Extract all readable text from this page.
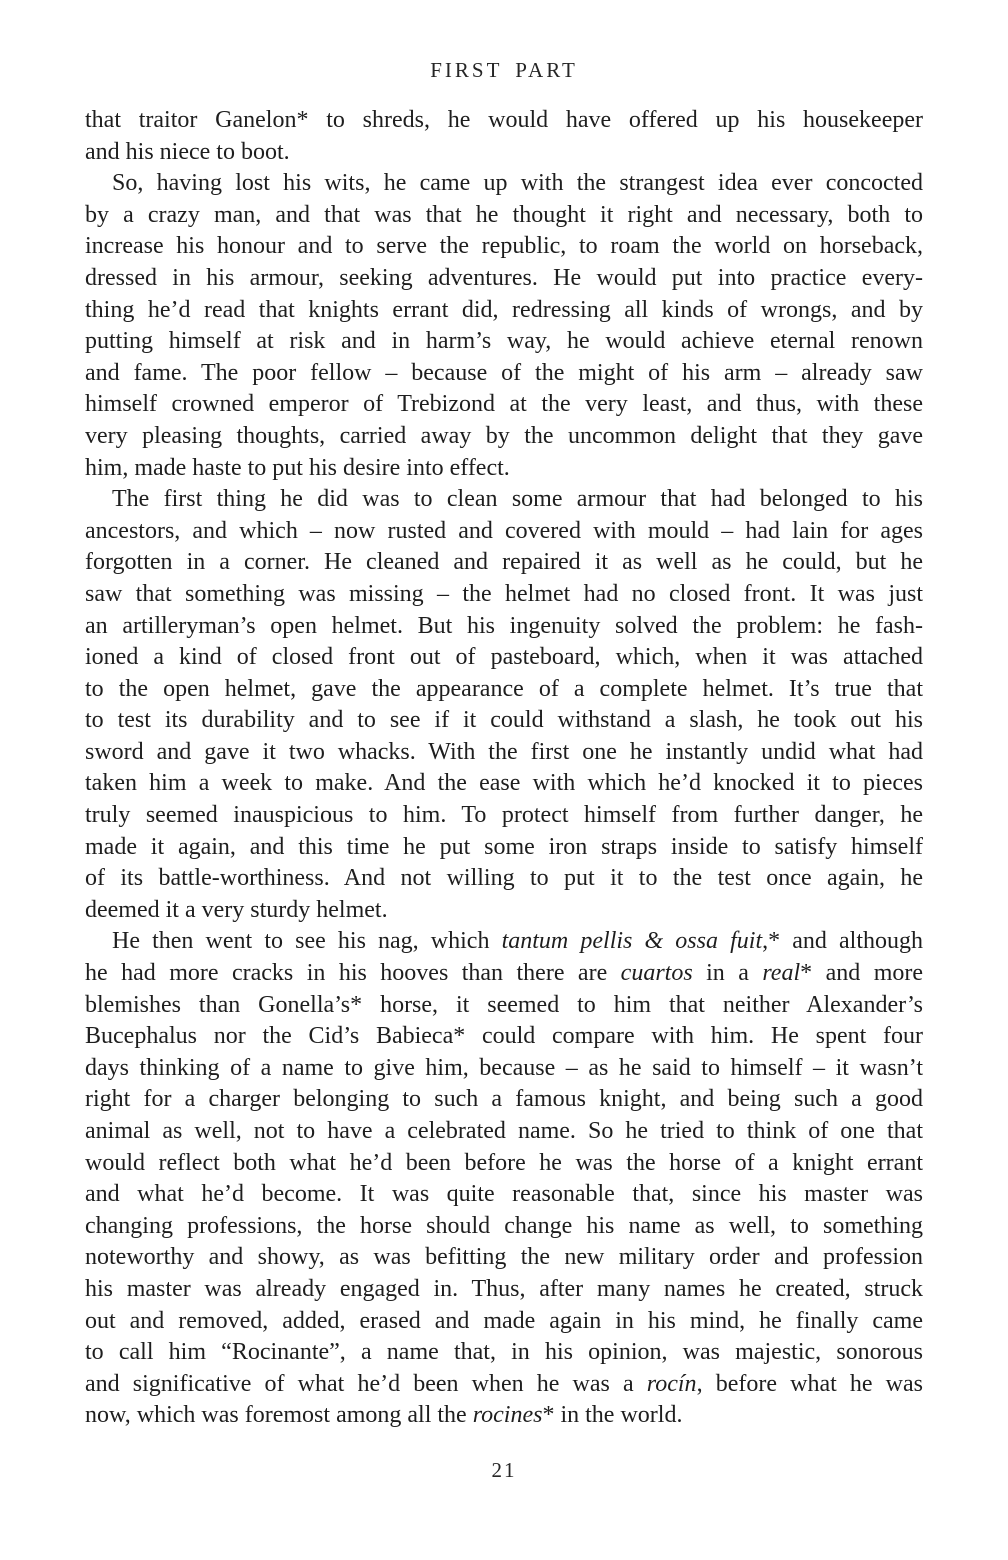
FIRST PART
that traitor Ganelon* to shreds, he would have offered up his housekeeper
and his niece to boot.
So, having lost his wits, he came up with the strangest idea ever concocted
by a crazy man, and that was that he thought it right and necessary, both to
increase his honour and to serve the republic, to roam the world on horseback,
dressed in his armour, seeking adventures. He would put into practice every-
thing he’d read that knights errant did, redressing all kinds of wrongs, and by
putting himself at risk and in harm’s way, he would achieve eternal renown
and fame. The poor fellow – because of the might of his arm – already saw
himself crowned emperor of Trebizond at the very least, and thus, with these
very pleasing thoughts, carried away by the uncommon delight that they gave
him, made haste to put his desire into effect.
The first thing he did was to clean some armour that had belonged to his
ancestors, and which – now rusted and covered with mould – had lain for ages
forgotten in a corner. He cleaned and repaired it as well as he could, but he
saw that something was missing – the helmet had no closed front. It was just
an artilleryman’s open helmet. But his ingenuity solved the problem: he fash-
ioned a kind of closed front out of pasteboard, which, when it was attached
to the open helmet, gave the appearance of a complete helmet. It’s true that
to test its durability and to see if it could withstand a slash, he took out his
sword and gave it two whacks. With the first one he instantly undid what had
taken him a week to make. And the ease with which he’d knocked it to pieces
truly seemed inauspicious to him. To protect himself from further danger, he
made it again, and this time he put some iron straps inside to satisfy himself
of its battle-worthiness. And not willing to put it to the test once again, he
deemed it a very sturdy helmet.
He then went to see his nag, which tantum pellis & ossa fuit,* and although
he had more cracks in his hooves than there are cuartos in a real* and more
blemishes than Gonella’s* horse, it seemed to him that neither Alexander’s
Bucephalus nor the Cid’s Babieca* could compare with him. He spent four
days thinking of a name to give him, because – as he said to himself – it wasn’t
right for a charger belonging to such a famous knight, and being such a good
animal as well, not to have a celebrated name. So he tried to think of one that
would reflect both what he’d been before he was the horse of a knight errant
and what he’d become. It was quite reasonable that, since his master was
changing professions, the horse should change his name as well, to something
noteworthy and showy, as was befitting the new military order and profession
his master was already engaged in. Thus, after many names he created, struck
out and removed, added, erased and made again in his mind, he finally came
to call him “Rocinante”, a name that, in his opinion, was majestic, sonorous
and significative of what he’d been when he was a rocín, before what he was
now, which was foremost among all the rocines* in the world.
21
